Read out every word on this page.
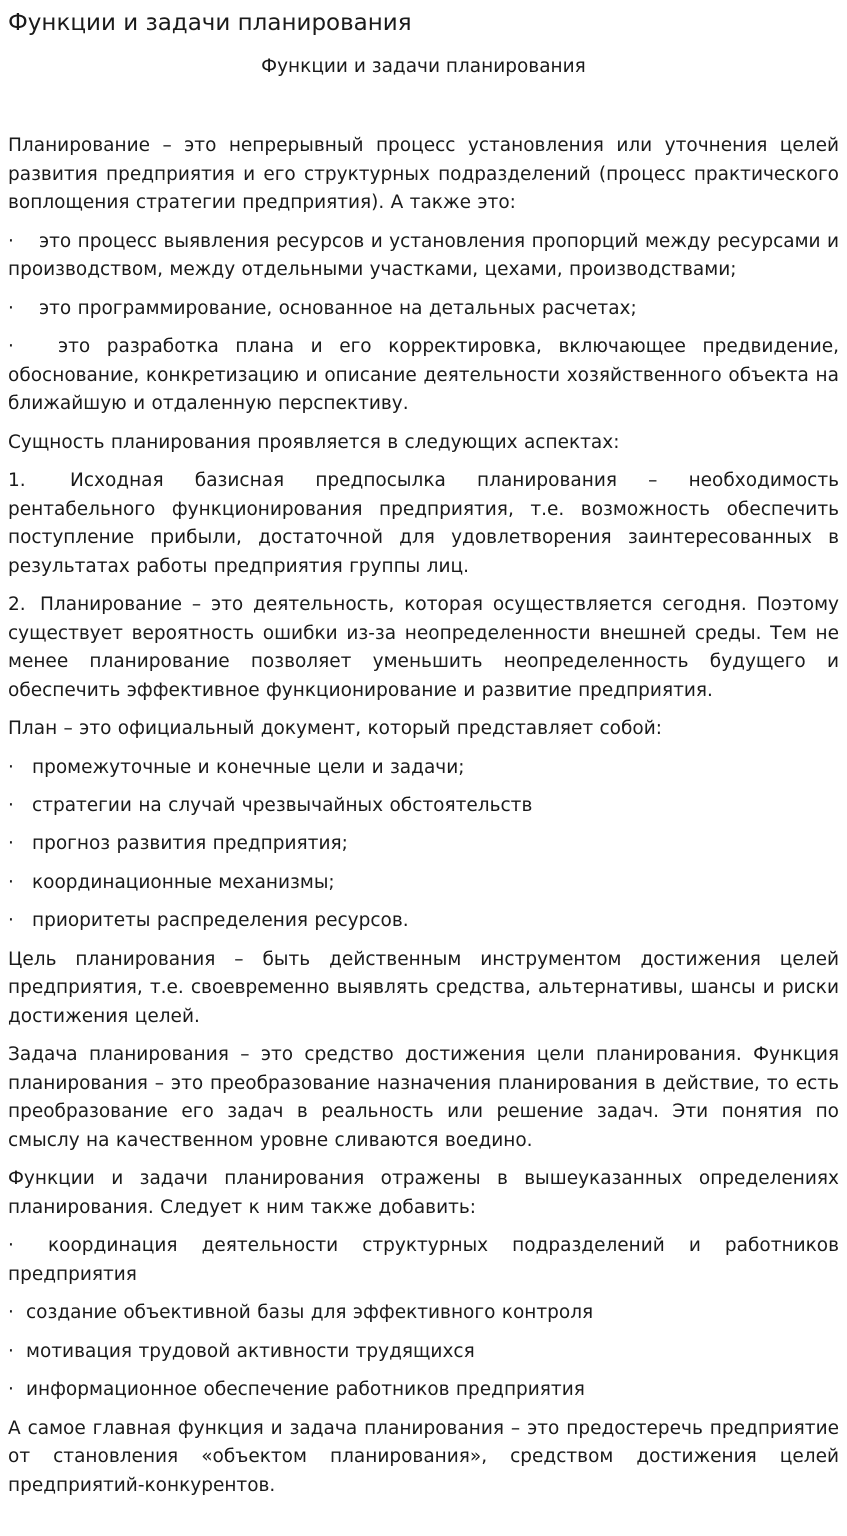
Функции и задачи планирования
Функции и задачи планирования

Планирование – это непрерывный процесс установления или уточнения целей развития предприятия и его структурных подразделений (процесс практического воплощения стратегии предприятия). А также это:

· это процесс выявления ресурсов и установления пропорций между ресурсами и производством, между отдельными участками, цехами, производствами;

· это программирование, основанное на детальных расчетах;

· это разработка плана и его корректировка, включающее предвидение, обоснование, конкретизацию и описание деятельности хозяйственного объекта на ближайшую и отдаленную перспективу.

Сущность планирования проявляется в следующих аспектах:

1. Исходная базисная предпосылка планирования – необходимость рентабельного функционирования предприятия, т.е. возможность обеспечить поступление прибыли, достаточной для удовлетворения заинтересованных в результатах работы предприятия группы лиц.

2. Планирование – это деятельность, которая осуществляется сегодня. Поэтому существует вероятность ошибки из-за неопределенности внешней среды. Тем не менее планирование позволяет уменьшить неопределенность будущего и обеспечить эффективное функционирование и развитие предприятия.

План – это официальный документ, который представляет собой:

· промежуточные и конечные цели и задачи;

· стратегии на случай чрезвычайных обстоятельств

· прогноз развития предприятия;

· координационные механизмы;

· приоритеты распределения ресурсов.

Цель планирования – быть действенным инструментом достижения целей предприятия, т.е. своевременно выявлять средства, альтернативы, шансы и риски достижения целей.

Задача планирования – это средство достижения цели планирования. Функция планирования – это преобразование назначения планирования в действие, то есть преобразование его задач в реальность или решение задач. Эти понятия по смыслу на качественном уровне сливаются воедино.

Функции и задачи планирования отражены в вышеуказанных определениях планирования. Следует к ним также добавить:

· координация деятельности структурных подразделений и работников предприятия

· создание объективной базы для эффективного контроля

· мотивация трудовой активности трудящихся

· информационное обеспечение работников предприятия

А самое главная функция и задача планирования – это предостеречь предприятие от становления «объектом планирования», средством достижения целей предприятий-конкурентов.
